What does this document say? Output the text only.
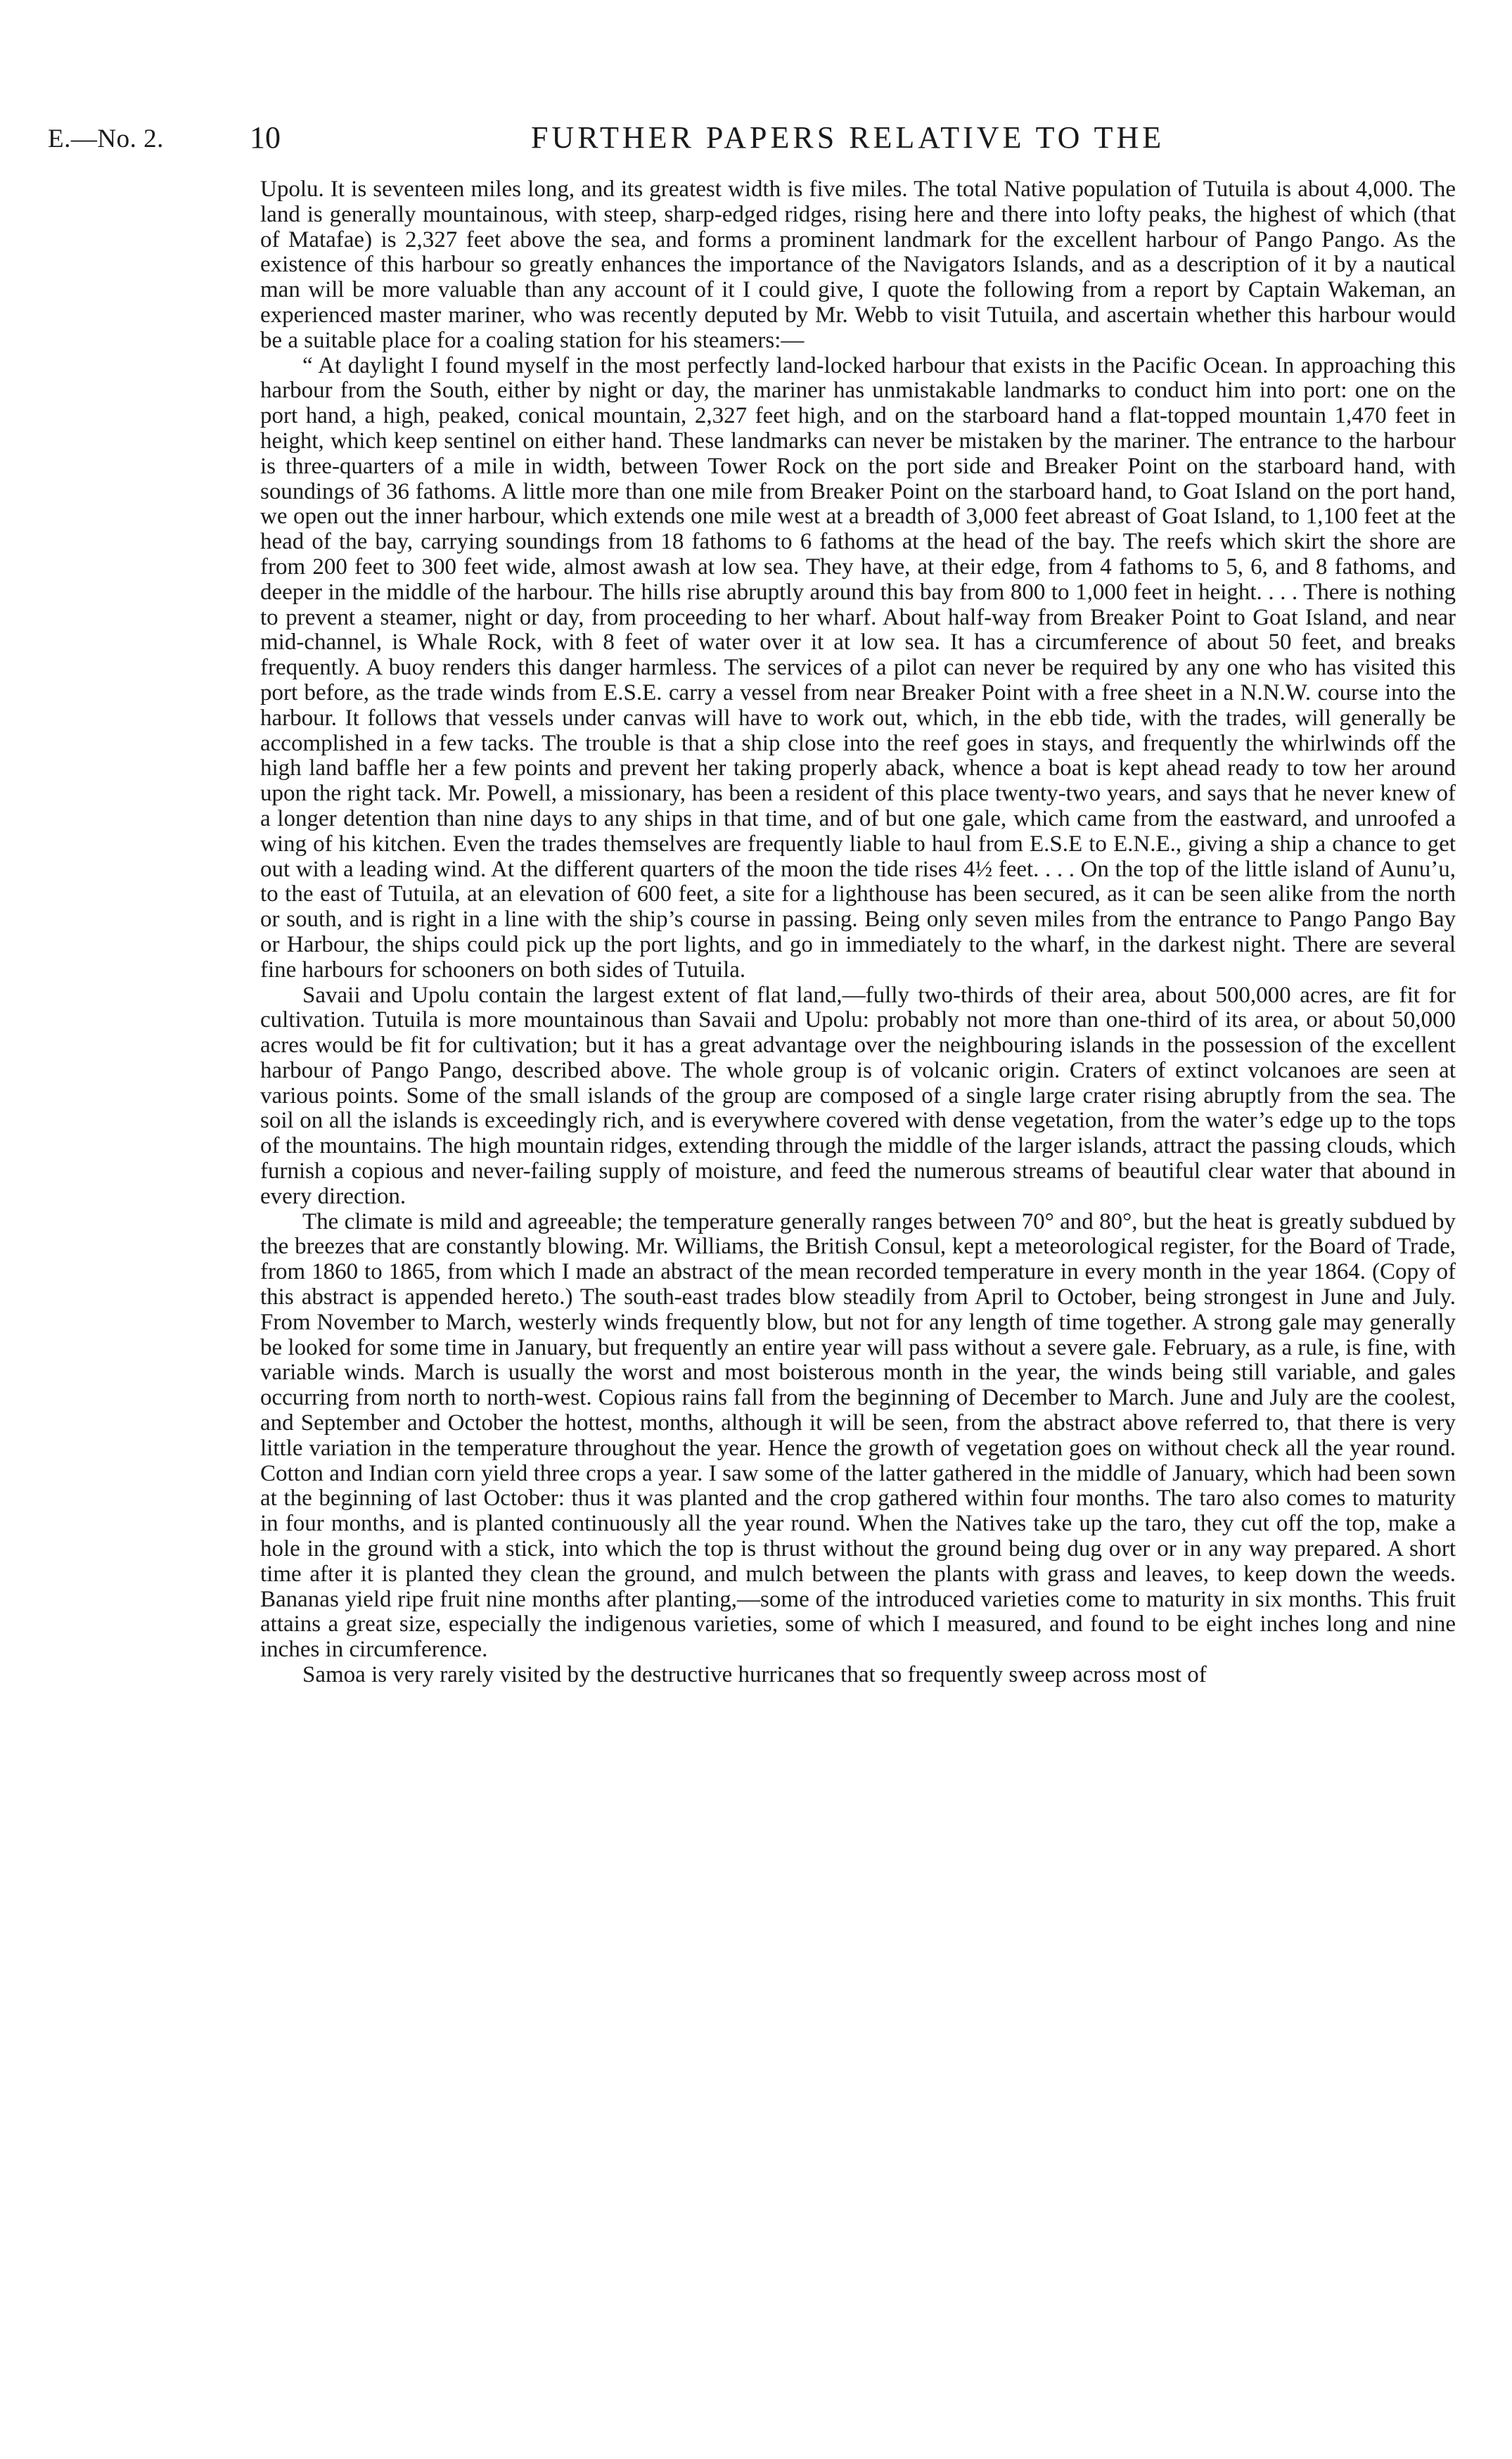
E.—No. 2.	10	FURTHER PAPERS RELATIVE TO THE

Upolu. It is seventeen miles long, and its greatest width is five miles. The total Native population of Tutuila is about 4,000. The land is generally mountainous, with steep, sharp-edged ridges, rising here and there into lofty peaks, the highest of which (that of Matafae) is 2,327 feet above the sea, and forms a prominent landmark for the excellent harbour of Pango Pango. As the existence of this harbour so greatly enhances the importance of the Navigators Islands, and as a description of it by a nautical man will be more valuable than any account of it I could give, I quote the following from a report by Captain Wakeman, an experienced master mariner, who was recently deputed by Mr. Webb to visit Tutuila, and ascertain whether this harbour would be a suitable place for a coaling station for his steamers:—

“ At daylight I found myself in the most perfectly land-locked harbour that exists in the Pacific Ocean. In approaching this harbour from the South, either by night or day, the mariner has unmistakable landmarks to conduct him into port: one on the port hand, a high, peaked, conical mountain, 2,327 feet high, and on the starboard hand a flat-topped mountain 1,470 feet in height, which keep sentinel on either hand. These landmarks can never be mistaken by the mariner. The entrance to the harbour is three-quarters of a mile in width, between Tower Rock on the port side and Breaker Point on the starboard hand, with soundings of 36 fathoms. A little more than one mile from Breaker Point on the starboard hand, to Goat Island on the port hand, we open out the inner harbour, which extends one mile west at a breadth of 3,000 feet abreast of Goat Island, to 1,100 feet at the head of the bay, carrying soundings from 18 fathoms to 6 fathoms at the head of the bay. The reefs which skirt the shore are from 200 feet to 300 feet wide, almost awash at low sea. They have, at their edge, from 4 fathoms to 5, 6, and 8 fathoms, and deeper in the middle of the harbour. The hills rise abruptly around this bay from 800 to 1,000 feet in height. . . . There is nothing to prevent a steamer, night or day, from proceeding to her wharf. About half-way from Breaker Point to Goat Island, and near mid-channel, is Whale Rock, with 8 feet of water over it at low sea. It has a circumference of about 50 feet, and breaks frequently. A buoy renders this danger harmless. The services of a pilot can never be required by any one who has visited this port before, as the trade winds from E.S.E. carry a vessel from near Breaker Point with a free sheet in a N.N.W. course into the harbour. It follows that vessels under canvas will have to work out, which, in the ebb tide, with the trades, will generally be accomplished in a few tacks. The trouble is that a ship close into the reef goes in stays, and frequently the whirlwinds off the high land baffle her a few points and prevent her taking properly aback, whence a boat is kept ahead ready to tow her around upon the right tack. Mr. Powell, a missionary, has been a resident of this place twenty-two years, and says that he never knew of a longer detention than nine days to any ships in that time, and of but one gale, which came from the eastward, and unroofed a wing of his kitchen. Even the trades themselves are frequently liable to haul from E.S.E to E.N.E., giving a ship a chance to get out with a leading wind. At the different quarters of the moon the tide rises 4½ feet. . . . On the top of the little island of Aunu’u, to the east of Tutuila, at an elevation of 600 feet, a site for a lighthouse has been secured, as it can be seen alike from the north or south, and is right in a line with the ship’s course in passing. Being only seven miles from the entrance to Pango Pango Bay or Harbour, the ships could pick up the port lights, and go in immediately to the wharf, in the darkest night. There are several fine harbours for schooners on both sides of Tutuila.

Savaii and Upolu contain the largest extent of flat land,—fully two-thirds of their area, about 500,000 acres, are fit for cultivation. Tutuila is more mountainous than Savaii and Upolu: probably not more than one-third of its area, or about 50,000 acres would be fit for cultivation; but it has a great advantage over the neighbouring islands in the possession of the excellent harbour of Pango Pango, described above. The whole group is of volcanic origin. Craters of extinct volcanoes are seen at various points. Some of the small islands of the group are composed of a single large crater rising abruptly from the sea. The soil on all the islands is exceedingly rich, and is everywhere covered with dense vegetation, from the water’s edge up to the tops of the mountains. The high mountain ridges, extending through the middle of the larger islands, attract the passing clouds, which furnish a copious and never-failing supply of moisture, and feed the numerous streams of beautiful clear water that abound in every direction.

The climate is mild and agreeable; the temperature generally ranges between 70° and 80°, but the heat is greatly subdued by the breezes that are constantly blowing. Mr. Williams, the British Consul, kept a meteorological register, for the Board of Trade, from 1860 to 1865, from which I made an abstract of the mean recorded temperature in every month in the year 1864. (Copy of this abstract is appended hereto.) The south-east trades blow steadily from April to October, being strongest in June and July. From November to March, westerly winds frequently blow, but not for any length of time together. A strong gale may generally be looked for some time in January, but frequently an entire year will pass without a severe gale. February, as a rule, is fine, with variable winds. March is usually the worst and most boisterous month in the year, the winds being still variable, and gales occurring from north to north-west. Copious rains fall from the beginning of December to March. June and July are the coolest, and September and October the hottest, months, although it will be seen, from the abstract above referred to, that there is very little variation in the temperature throughout the year. Hence the growth of vegetation goes on without check all the year round. Cotton and Indian corn yield three crops a year. I saw some of the latter gathered in the middle of January, which had been sown at the beginning of last October: thus it was planted and the crop gathered within four months. The taro also comes to maturity in four months, and is planted continuously all the year round. When the Natives take up the taro, they cut off the top, make a hole in the ground with a stick, into which the top is thrust without the ground being dug over or in any way prepared. A short time after it is planted they clean the ground, and mulch between the plants with grass and leaves, to keep down the weeds. Bananas yield ripe fruit nine months after planting,—some of the introduced varieties come to maturity in six months. This fruit attains a great size, especially the indigenous varieties, some of which I measured, and found to be eight inches long and nine inches in circumference.

Samoa is very rarely visited by the destructive hurricanes that so frequently sweep across most of
